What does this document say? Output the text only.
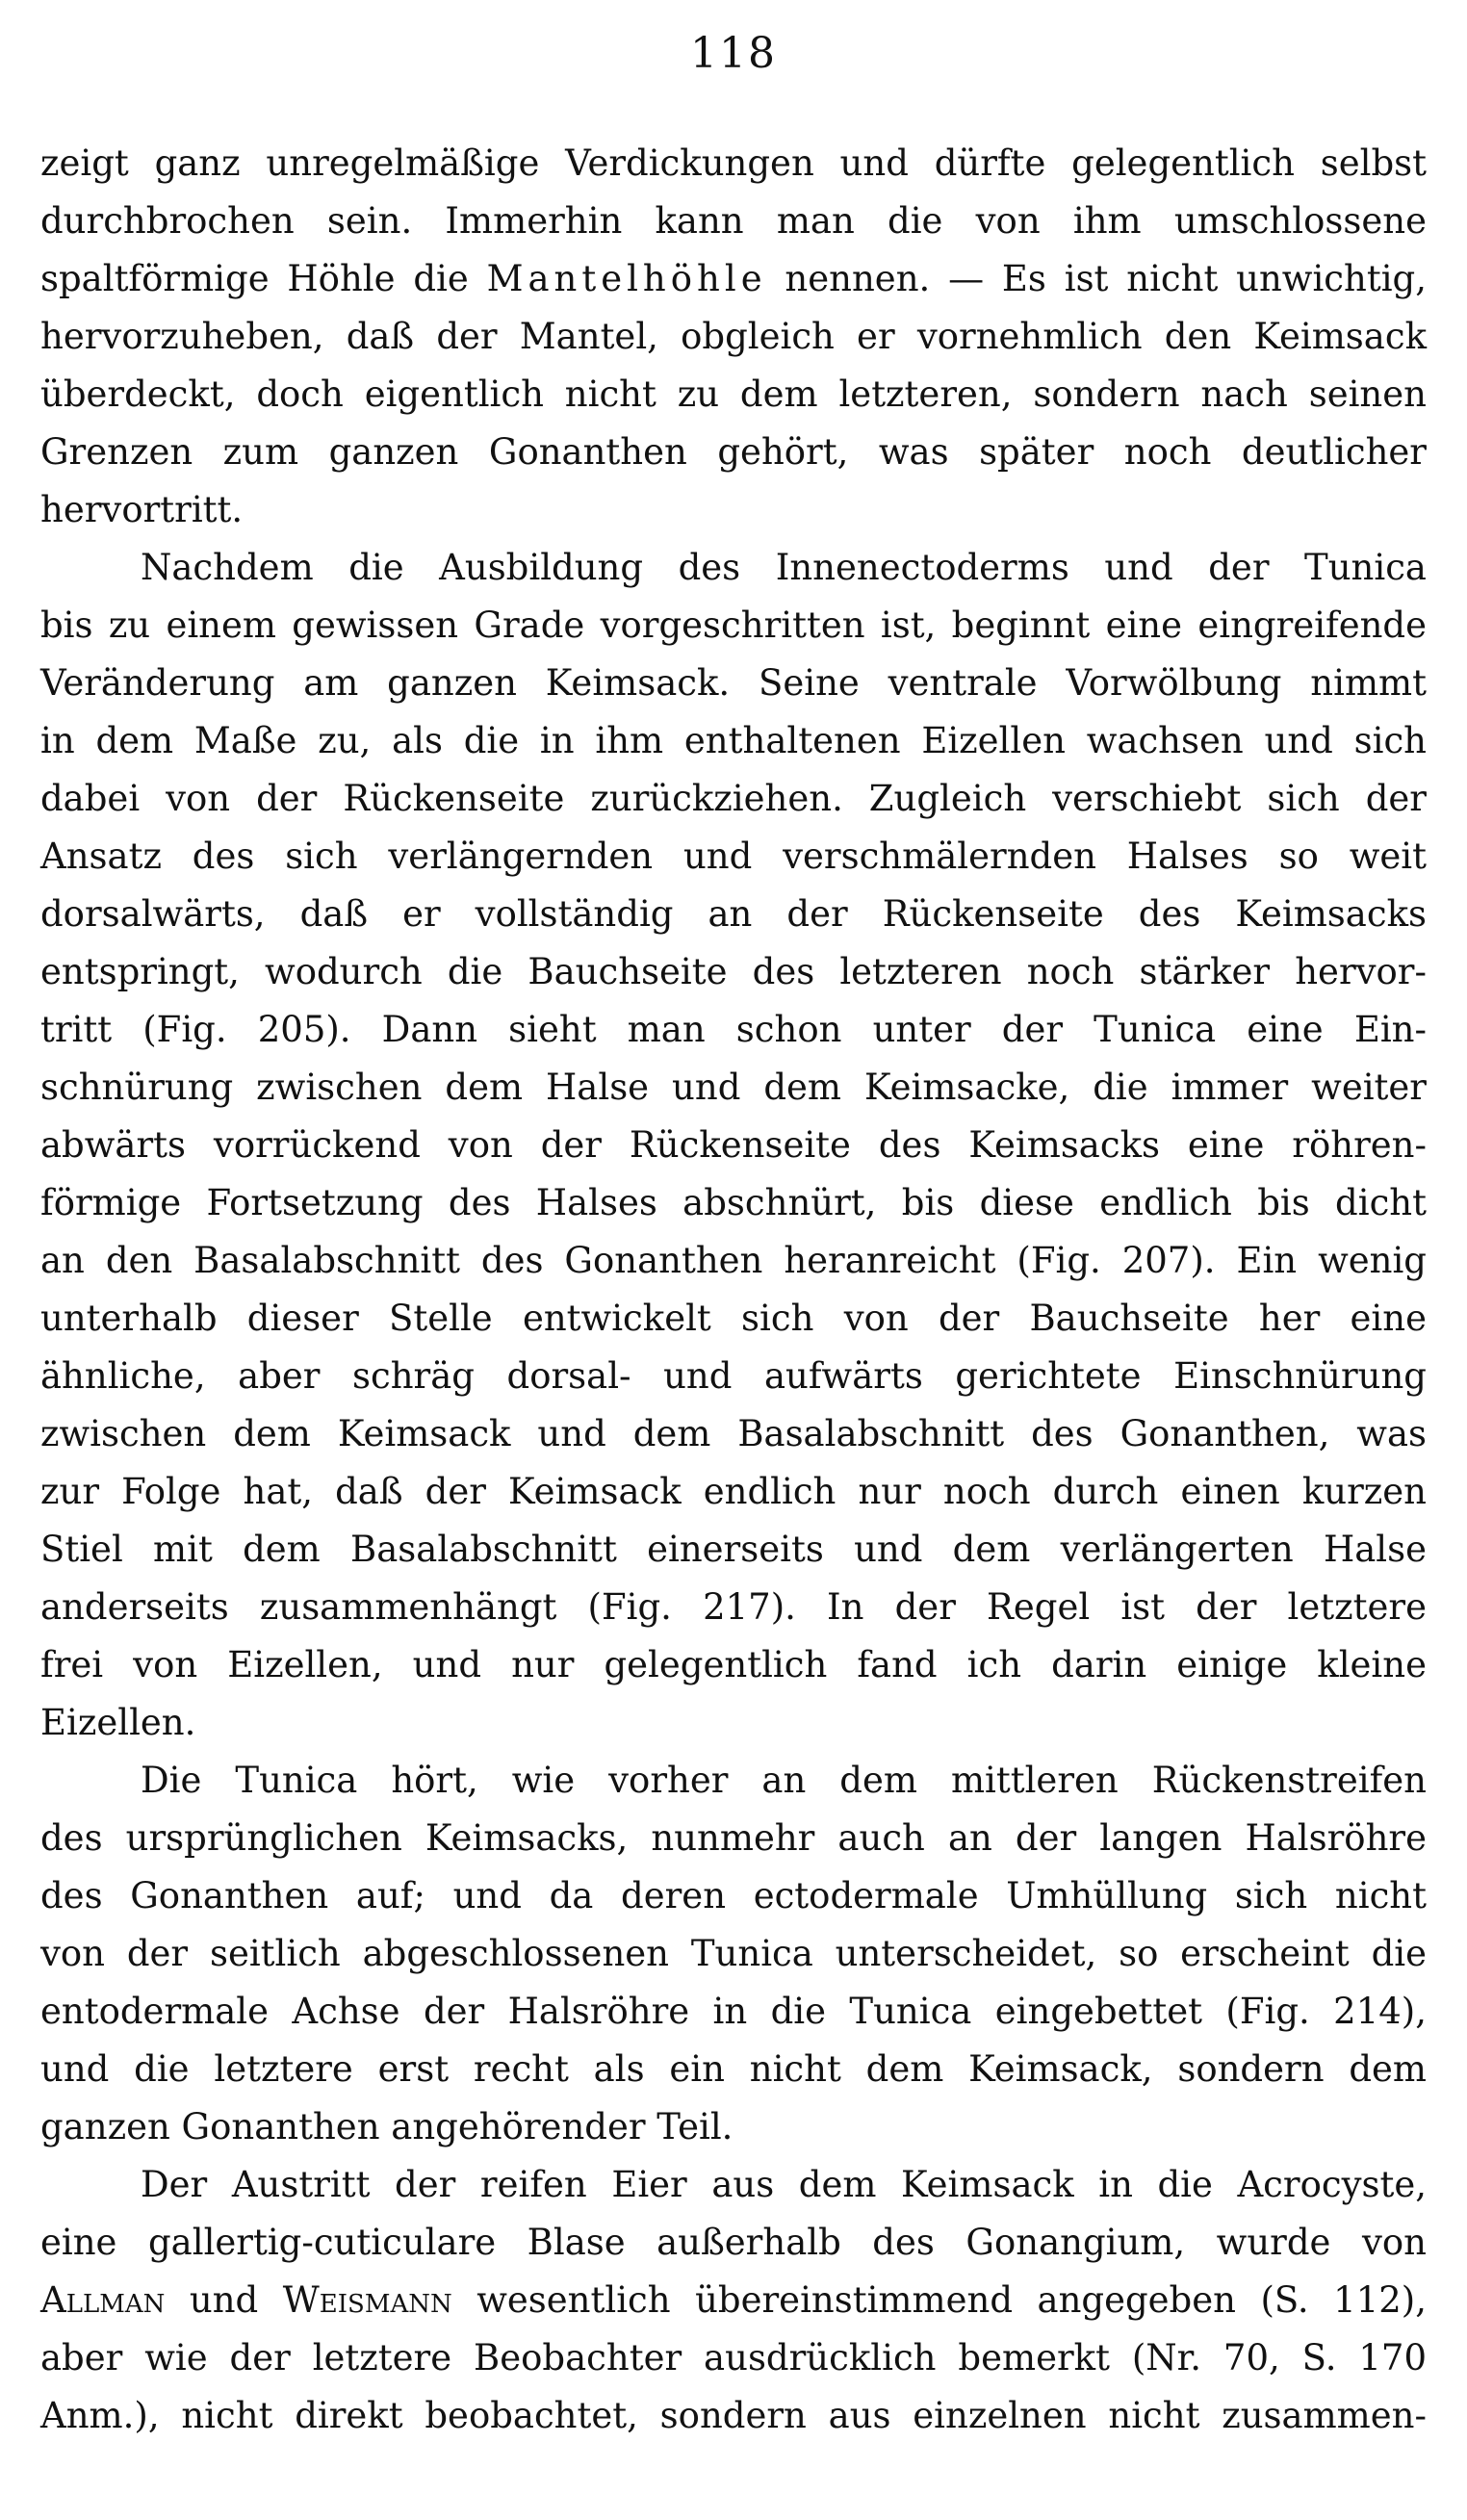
118
zeigt ganz unregelmäßige Verdickungen und dürfte gelegentlich selbst
durchbrochen sein. Immerhin kann man die von ihm umschlossene
spaltförmige Höhle die Mantelhöhle nennen. — Es ist nicht unwichtig,
hervorzuheben, daß der Mantel, obgleich er vornehmlich den Keimsack
überdeckt, doch eigentlich nicht zu dem letzteren, sondern nach seinen
Grenzen zum ganzen Gonanthen gehört, was später noch deutlicher
hervortritt.
Nachdem die Ausbildung des Innenectoderms und der Tunica
bis zu einem gewissen Grade vorgeschritten ist, beginnt eine eingreifende
Veränderung am ganzen Keimsack. Seine ventrale Vorwölbung nimmt
in dem Maße zu, als die in ihm enthaltenen Eizellen wachsen und sich
dabei von der Rückenseite zurückziehen. Zugleich verschiebt sich der
Ansatz des sich verlängernden und verschmälernden Halses so weit
dorsalwärts, daß er vollständig an der Rückenseite des Keimsacks
entspringt, wodurch die Bauchseite des letzteren noch stärker hervor-
tritt (Fig. 205). Dann sieht man schon unter der Tunica eine Ein-
schnürung zwischen dem Halse und dem Keimsacke, die immer weiter
abwärts vorrückend von der Rückenseite des Keimsacks eine röhren-
förmige Fortsetzung des Halses abschnürt, bis diese endlich bis dicht
an den Basalabschnitt des Gonanthen heranreicht (Fig. 207). Ein wenig
unterhalb dieser Stelle entwickelt sich von der Bauchseite her eine
ähnliche, aber schräg dorsal- und aufwärts gerichtete Einschnürung
zwischen dem Keimsack und dem Basalabschnitt des Gonanthen, was
zur Folge hat, daß der Keimsack endlich nur noch durch einen kurzen
Stiel mit dem Basalabschnitt einerseits und dem verlängerten Halse
anderseits zusammenhängt (Fig. 217). In der Regel ist der letztere
frei von Eizellen, und nur gelegentlich fand ich darin einige kleine
Eizellen.
Die Tunica hört, wie vorher an dem mittleren Rückenstreifen
des ursprünglichen Keimsacks, nunmehr auch an der langen Halsröhre
des Gonanthen auf; und da deren ectodermale Umhüllung sich nicht
von der seitlich abgeschlossenen Tunica unterscheidet, so erscheint die
entodermale Achse der Halsröhre in die Tunica eingebettet (Fig. 214),
und die letztere erst recht als ein nicht dem Keimsack, sondern dem
ganzen Gonanthen angehörender Teil.
Der Austritt der reifen Eier aus dem Keimsack in die Acrocyste,
eine gallertig-cuticulare Blase außerhalb des Gonangium, wurde von
Allman und Weismann wesentlich übereinstimmend angegeben (S. 112),
aber wie der letztere Beobachter ausdrücklich bemerkt (Nr. 70, S. 170
Anm.), nicht direkt beobachtet, sondern aus einzelnen nicht zusammen-
